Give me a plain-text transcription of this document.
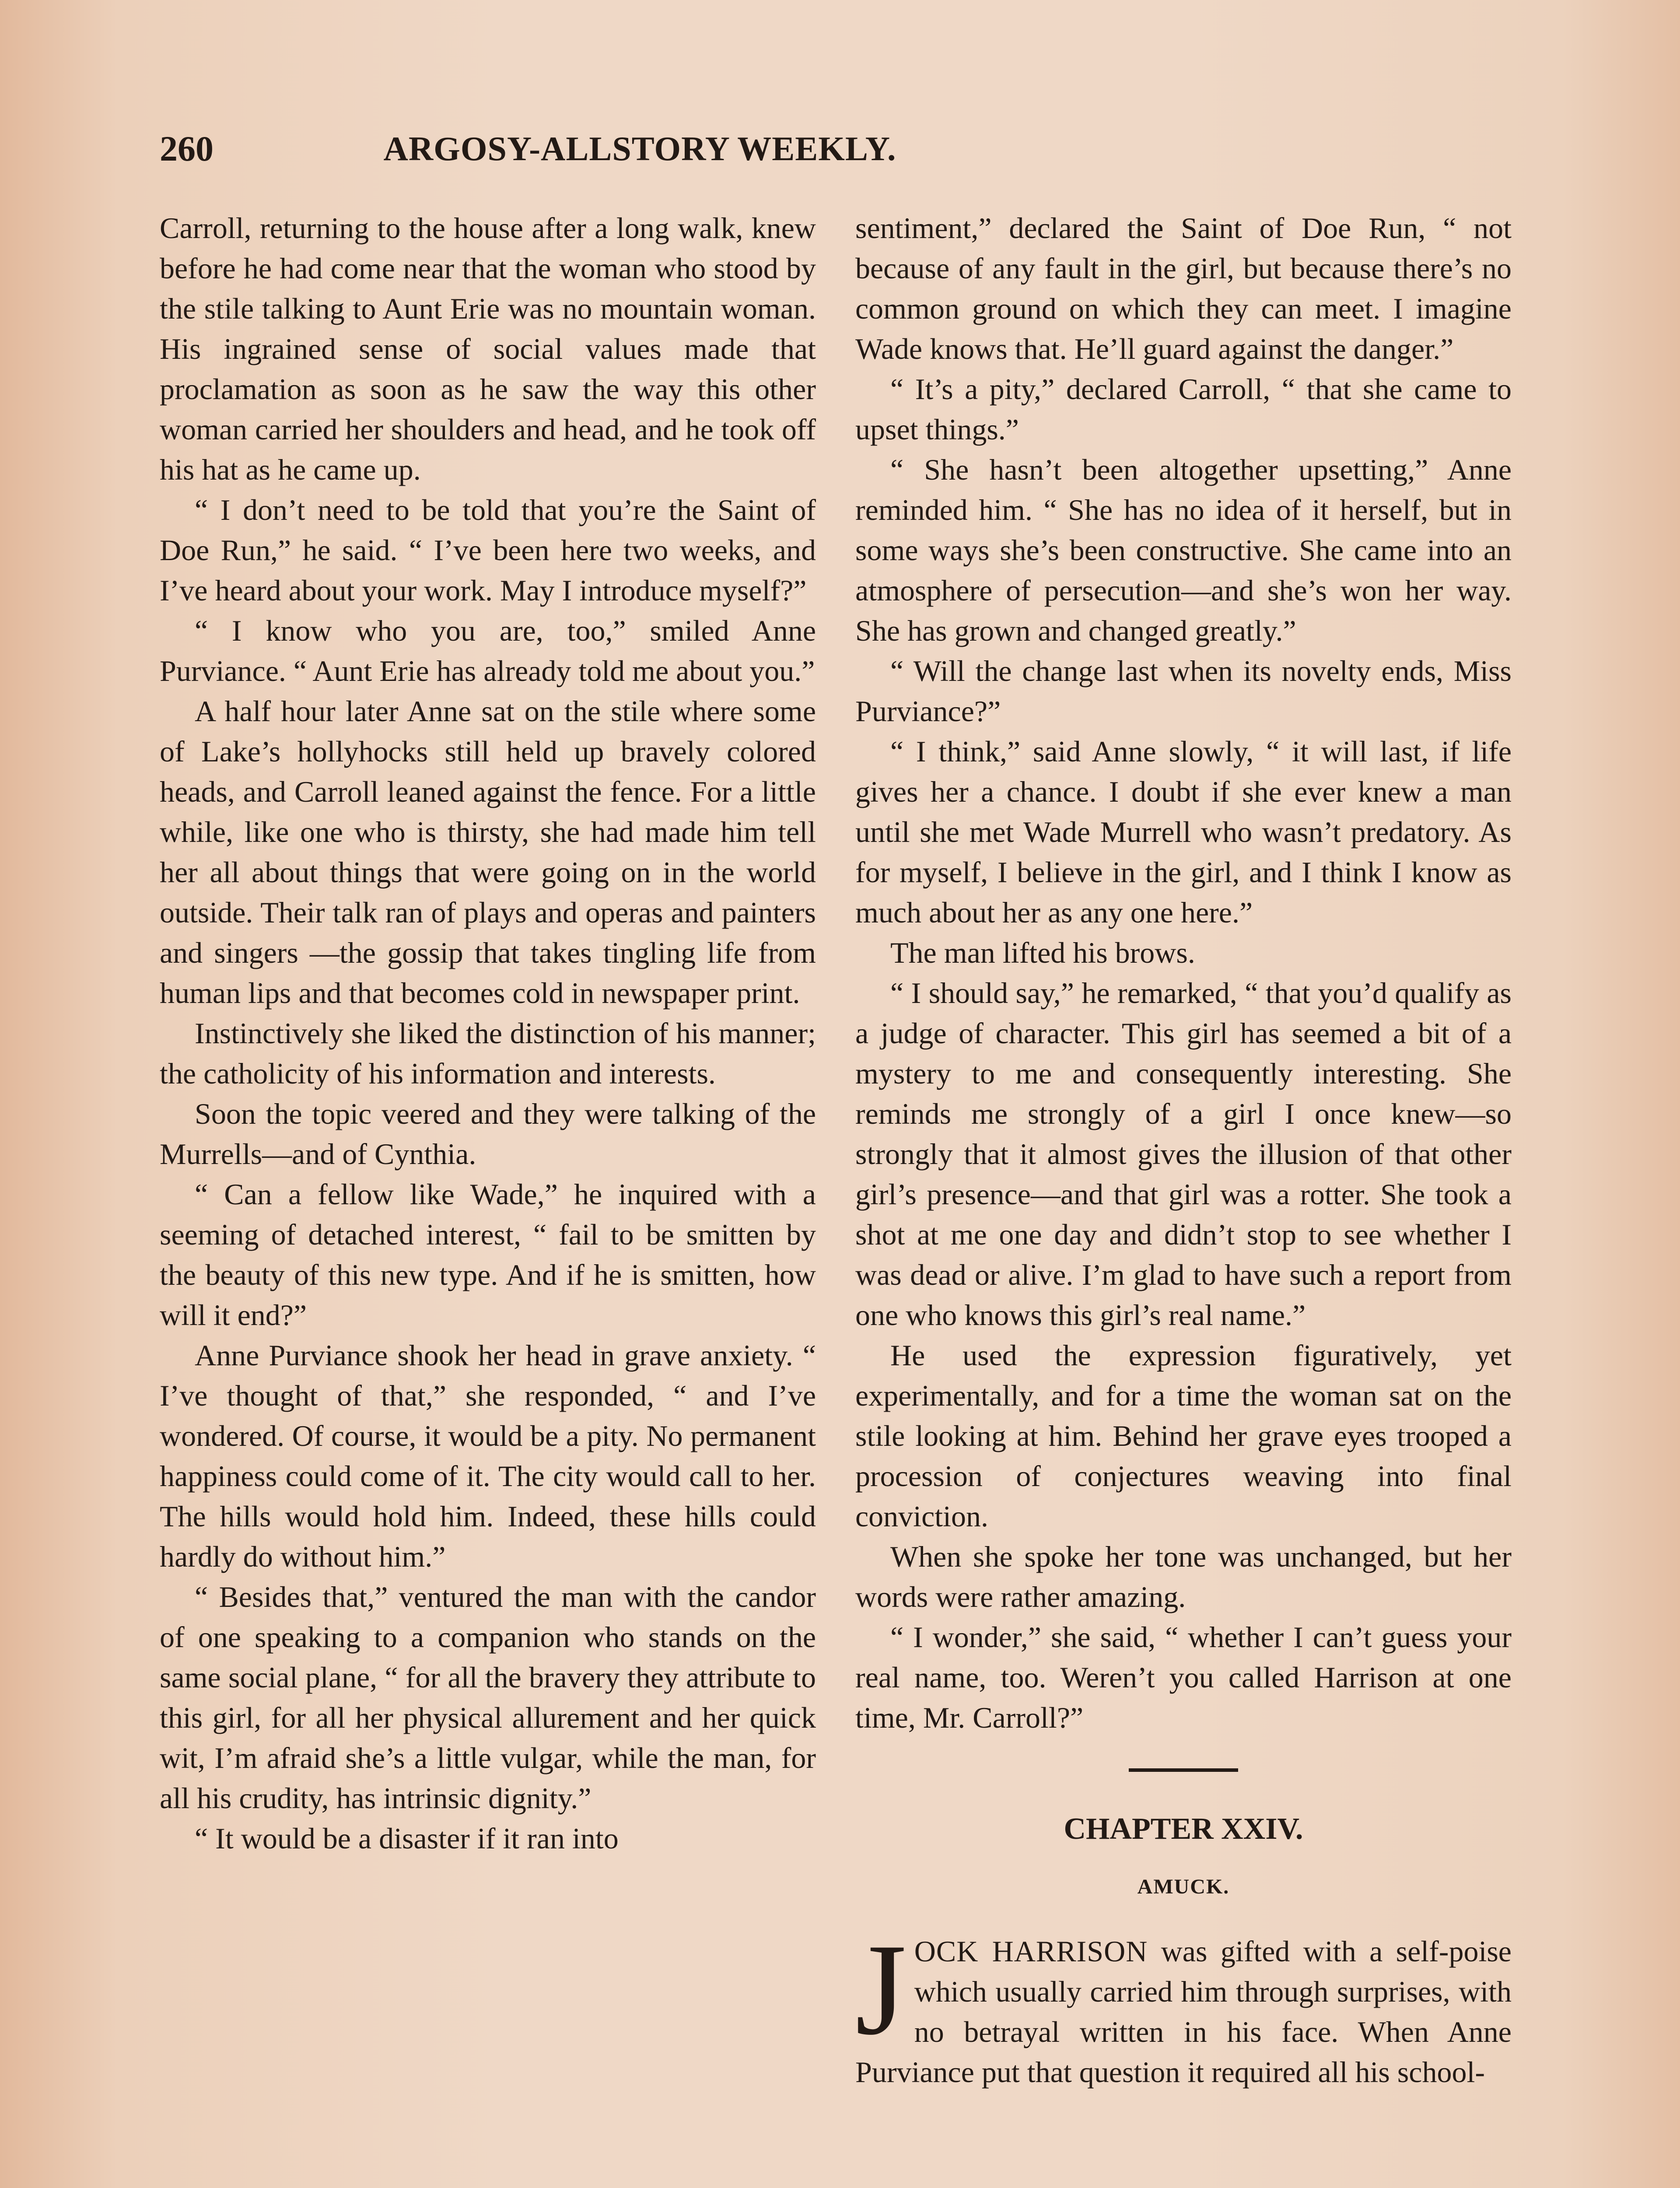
260	ARGOSY-ALLSTORY WEEKLY.

Carroll, returning to the house after a long walk, knew before he had come near that the woman who stood by the stile talking to Aunt Erie was no mountain woman. His ingrained sense of social values made that proclamation as soon as he saw the way this other woman carried her shoulders and head, and he took off his hat as he came up.

“ I don’t need to be told that you’re the Saint of Doe Run,” he said. “ I’ve been here two weeks, and I’ve heard about your work. May I introduce myself?”

“ I know who you are, too,” smiled Anne Purviance. “ Aunt Erie has already told me about you.”

A half hour later Anne sat on the stile where some of Lake’s hollyhocks still held up bravely colored heads, and Carroll leaned against the fence. For a little while, like one who is thirsty, she had made him tell her all about things that were going on in the world outside. Their talk ran of plays and operas and painters and singers —the gossip that takes tingling life from human lips and that becomes cold in newspaper print.

Instinctively she liked the distinction of his manner; the catholicity of his information and interests.

Soon the topic veered and they were talking of the Murrells—and of Cynthia.

“ Can a fellow like Wade,” he inquired with a seeming of detached interest, “ fail to be smitten by the beauty of this new type. And if he is smitten, how will it end?”

Anne Purviance shook her head in grave anxiety. “ I’ve thought of that,” she responded, “ and I’ve wondered. Of course, it would be a pity. No permanent happiness could come of it. The city would call to her. The hills would hold him. Indeed, these hills could hardly do without him.”

“ Besides that,” ventured the man with the candor of one speaking to a companion who stands on the same social plane, “ for all the bravery they attribute to this girl, for all her physical allurement and her quick wit, I’m afraid she’s a little vulgar, while the man, for all his crudity, has intrinsic dignity.”

“ It would be a disaster if it ran into

sentiment,” declared the Saint of Doe Run, “ not because of any fault in the girl, but because there’s no common ground on which they can meet. I imagine Wade knows that. He’ll guard against the danger.”

“ It’s a pity,” declared Carroll, “ that she came to upset things.”

“ She hasn’t been altogether upsetting,” Anne reminded him. “ She has no idea of it herself, but in some ways she’s been constructive. She came into an atmosphere of persecution—and she’s won her way. She has grown and changed greatly.”

“ Will the change last when its novelty ends, Miss Purviance?”

“ I think,” said Anne slowly, “ it will last, if life gives her a chance. I doubt if she ever knew a man until she met Wade Murrell who wasn’t predatory. As for myself, I believe in the girl, and I think I know as much about her as any one here.”

The man lifted his brows.

“ I should say,” he remarked, “ that you’d qualify as a judge of character. This girl has seemed a bit of a mystery to me and consequently interesting. She reminds me strongly of a girl I once knew—so strongly that it almost gives the illusion of that other girl’s presence—and that girl was a rotter. She took a shot at me one day and didn’t stop to see whether I was dead or alive. I’m glad to have such a report from one who knows this girl’s real name.”

He used the expression figuratively, yet experimentally, and for a time the woman sat on the stile looking at him. Behind her grave eyes trooped a procession of conjectures weaving into final conviction.

When she spoke her tone was unchanged, but her words were rather amazing.

“ I wonder,” she said, “ whether I can’t guess your real name, too. Weren’t you called Harrison at one time, Mr. Carroll?”

CHAPTER XXIV.
AMUCK.

JOCK HARRISON was gifted with a self-poise which usually carried him through surprises, with no betrayal written in his face. When Anne Purviance put that question it required all his school-
